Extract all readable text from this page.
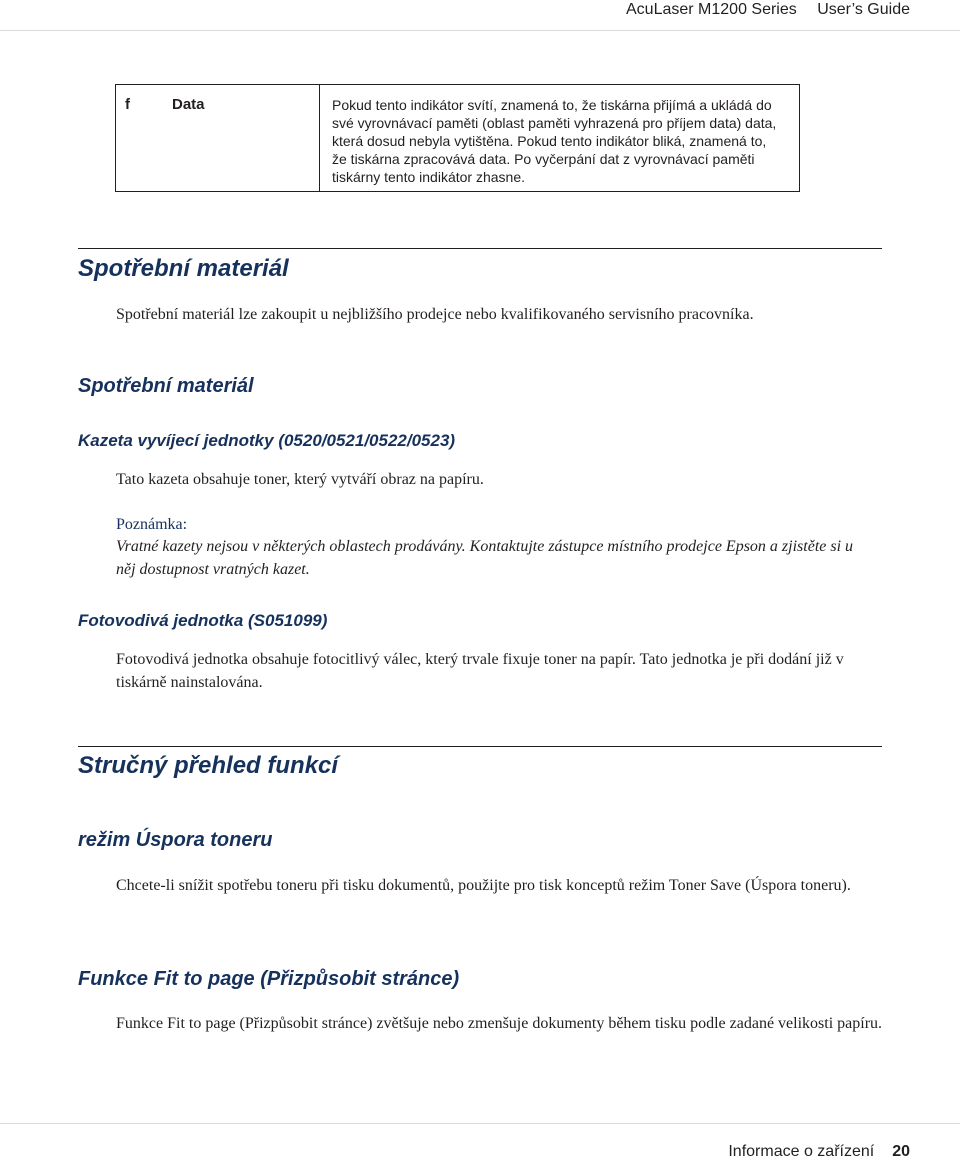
AcuLaser M1200 Series User’s Guide
f	Data	Pokud tento indikátor svítí, znamená to, že tiskárna přijímá a ukládá do své vyrovnávací paměti (oblast paměti vyhrazená pro příjem data) data, která dosud nebyla vytištěna. Pokud tento indikátor bliká, znamená to, že tiskárna zpracovává data. Po vyčerpání dat z vyrovnávací paměti tiskárny tento indikátor zhasne.
Spotřební materiál
Spotřební materiál lze zakoupit u nejbližšího prodejce nebo kvalifikovaného servisního pracovníka.
Spotřební materiál
Kazeta vyvíjecí jednotky (0520/0521/0522/0523)
Tato kazeta obsahuje toner, který vytváří obraz na papíru.
Poznámka:
Vratné kazety nejsou v některých oblastech prodávány. Kontaktujte zástupce místního prodejce Epson a zjistěte si u něj dostupnost vratných kazet.
Fotovodivá jednotka (S051099)
Fotovodivá jednotka obsahuje fotocitlivý válec, který trvale fixuje toner na papír. Tato jednotka je při dodání již v tiskárně nainstalována.
Stručný přehled funkcí
režim Úspora toneru
Chcete-li snížit spotřebu toneru při tisku dokumentů, použijte pro tisk konceptů režim Toner Save (Úspora toneru).
Funkce Fit to page (Přizpůsobit stránce)
Funkce Fit to page (Přizpůsobit stránce) zvětšuje nebo zmenšuje dokumenty během tisku podle zadané velikosti papíru.
Informace o zařízení 20
